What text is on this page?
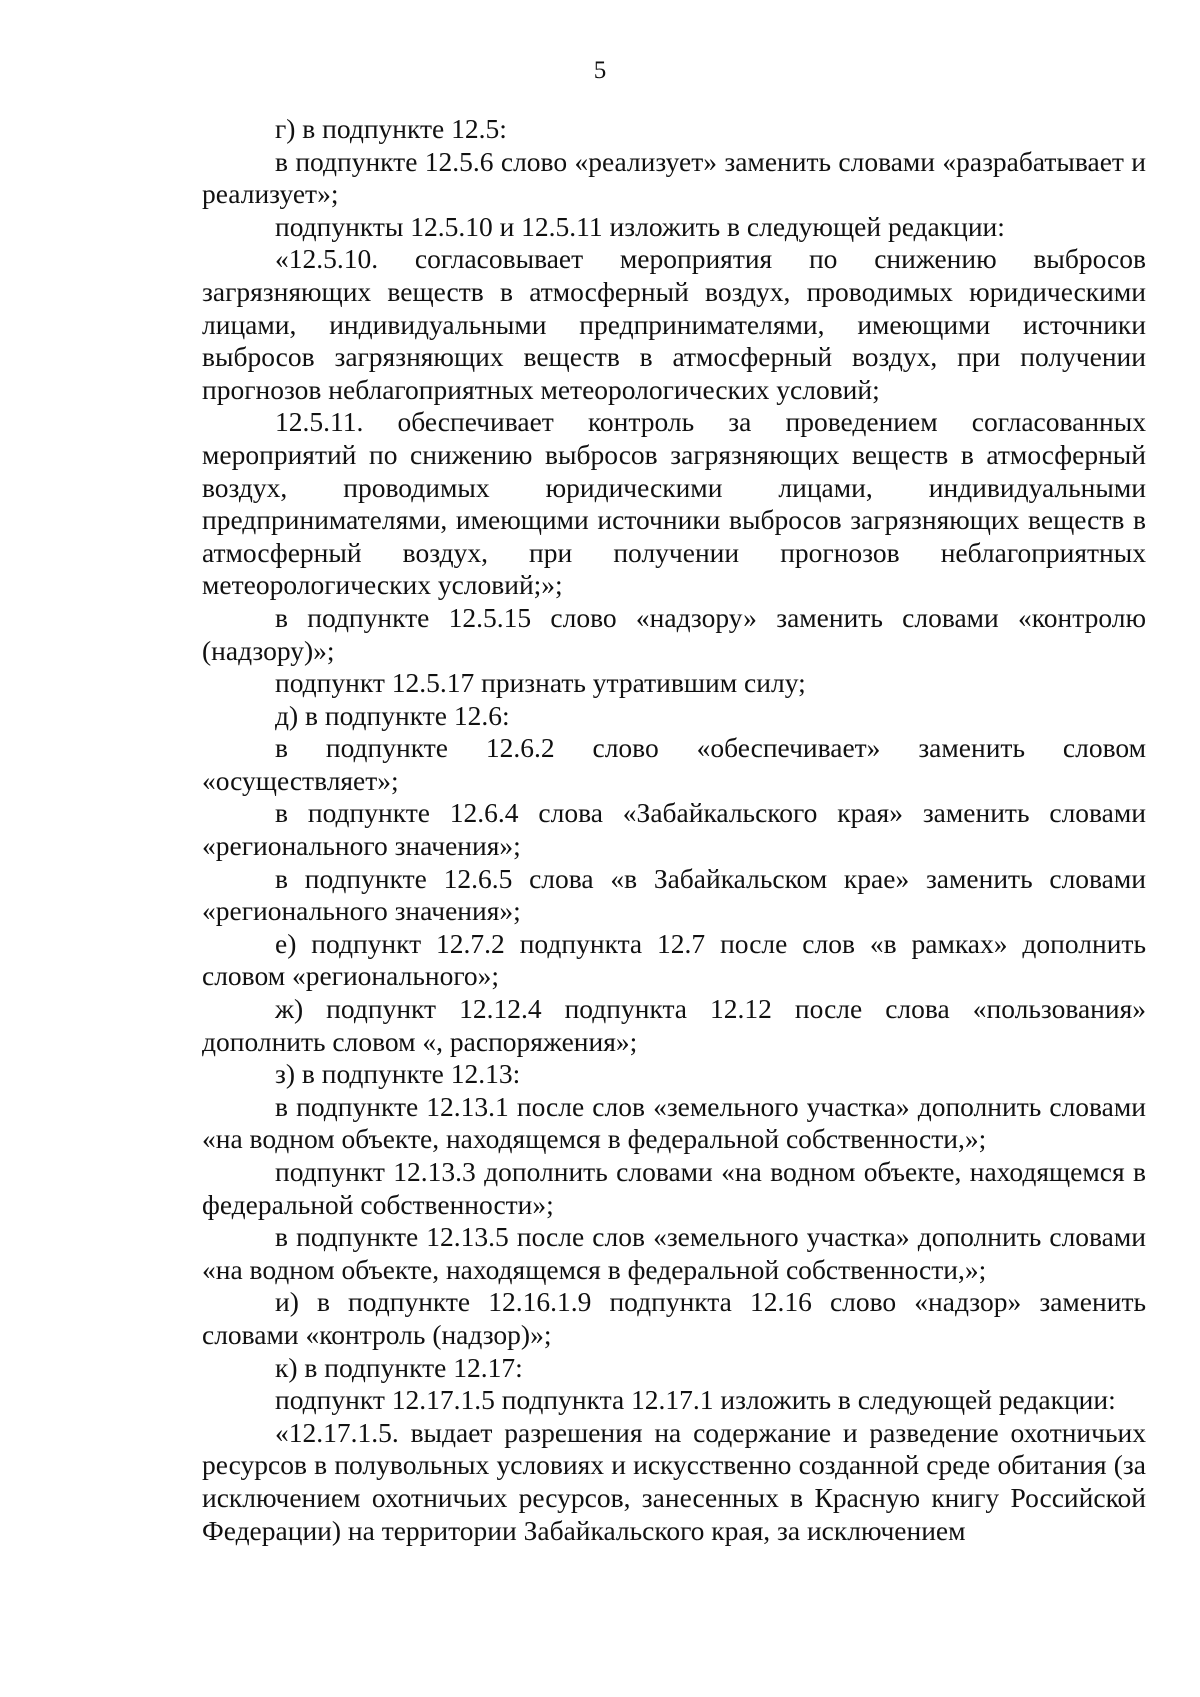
5

г) в подпункте 12.5:

в подпункте 12.5.6 слово «реализует» заменить словами «разрабатывает и реализует»;

подпункты 12.5.10 и 12.5.11 изложить в следующей редакции:

«12.5.10. согласовывает мероприятия по снижению выбросов загрязняющих веществ в атмосферный воздух, проводимых юридическими лицами, индивидуальными предпринимателями, имеющими источники выбросов загрязняющих веществ в атмосферный воздух, при получении прогнозов неблагоприятных метеорологических условий;

12.5.11. обеспечивает контроль за проведением согласованных мероприятий по снижению выбросов загрязняющих веществ в атмосферный воздух, проводимых юридическими лицами, индивидуальными предпринимателями, имеющими источники выбросов загрязняющих веществ в атмосферный воздух, при получении прогнозов неблагоприятных метеорологических условий;»;

в подпункте 12.5.15 слово «надзору» заменить словами «контролю (надзору)»;

подпункт 12.5.17 признать утратившим силу;

д) в подпункте 12.6:

в подпункте 12.6.2 слово «обеспечивает» заменить словом «осуществляет»;

в подпункте 12.6.4 слова «Забайкальского края» заменить словами «регионального значения»;

в подпункте 12.6.5 слова «в Забайкальском крае» заменить словами «регионального значения»;

е) подпункт 12.7.2 подпункта 12.7 после слов «в рамках» дополнить словом «регионального»;

ж) подпункт 12.12.4 подпункта 12.12 после слова «пользования» дополнить словом «, распоряжения»;

з) в подпункте 12.13:

в подпункте 12.13.1 после слов «земельного участка» дополнить словами «на водном объекте, находящемся в федеральной собственности,»;

подпункт 12.13.3 дополнить словами «на водном объекте, находящемся в федеральной собственности»;

в подпункте 12.13.5 после слов «земельного участка» дополнить словами «на водном объекте, находящемся в федеральной собственности,»;

и) в подпункте 12.16.1.9 подпункта 12.16 слово «надзор» заменить словами «контроль (надзор)»;

к) в подпункте 12.17:

подпункт 12.17.1.5 подпункта 12.17.1 изложить в следующей редакции:

«12.17.1.5. выдает разрешения на содержание и разведение охотничьих ресурсов в полувольных условиях и искусственно созданной среде обитания (за исключением охотничьих ресурсов, занесенных в Красную книгу Российской Федерации) на территории Забайкальского края, за исключением
